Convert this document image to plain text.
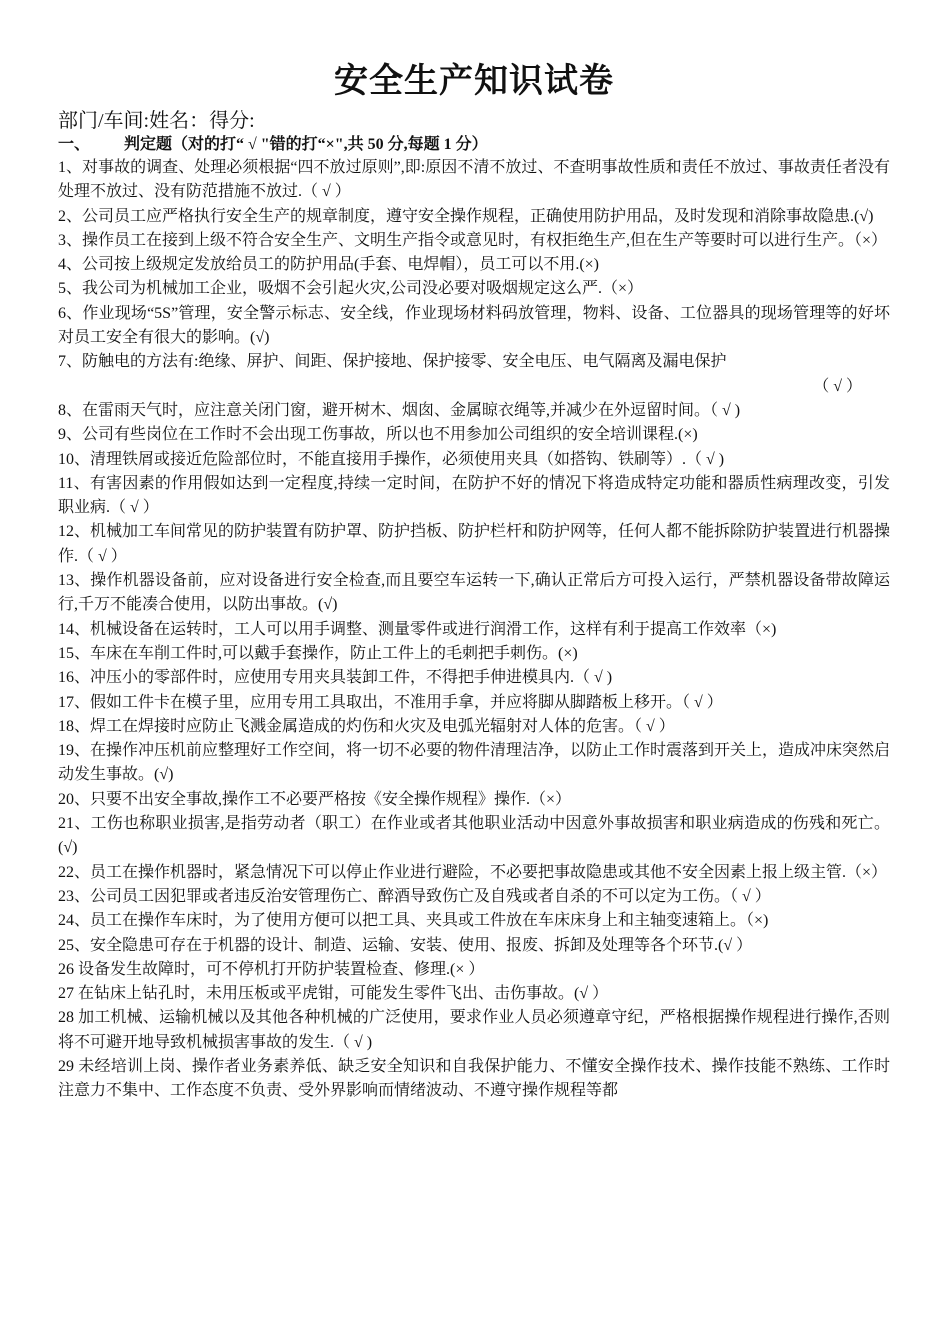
安全生产知识试卷
部门/车间:姓名：得分:
一、 判定题（对的打“ √ "错的打“×",共 50 分,每题 1 分）
1、对事故的调查、处理必须根据“四不放过原则”,即:原因不清不放过、不查明事故性质和责任不放过、事故责任者没有处理不放过、没有防范措施不放过.（ √ ）
2、公司员工应严格执行安全生产的规章制度，遵守安全操作规程，正确使用防护用品，及时发现和消除事故隐患.(√)
3、操作员工在接到上级不符合安全生产、文明生产指令或意见时，有权拒绝生产,但在生产等要时可以进行生产。（×）
4、公司按上级规定发放给员工的防护用品(手套、电焊帽），员工可以不用.(×)
5、我公司为机械加工企业，吸烟不会引起火灾,公司没必要对吸烟规定这么严.（×）
6、作业现场“5S”管理，安全警示标志、安全线，作业现场材料码放管理，物料、设备、工位器具的现场管理等的好坏对员工安全有很大的影响。(√)
7、防触电的方法有:绝缘、屏护、间距、保护接地、保护接零、安全电压、电气隔离及漏电保护
（ √ ）
8、在雷雨天气时，应注意关闭门窗，避开树木、烟囱、金属晾衣绳等,并减少在外逗留时间。（ √ )
9、公司有些岗位在工作时不会出现工伤事故，所以也不用参加公司组织的安全培训课程.(×)
10、清理铁屑或接近危险部位时，不能直接用手操作，必须使用夹具（如搭钩、铁刷等）.（ √ )
11、有害因素的作用假如达到一定程度,持续一定时间，在防护不好的情况下将造成特定功能和器质性病理改变，引发职业病.（ √ ）
12、机械加工车间常见的防护装置有防护罩、防护挡板、防护栏杆和防护网等，任何人都不能拆除防护装置进行机器操作.（ √ ）
13、操作机器设备前，应对设备进行安全检查,而且要空车运转一下,确认正常后方可投入运行，严禁机器设备带故障运行,千万不能凑合使用，以防出事故。(√)
14、机械设备在运转时，工人可以用手调整、测量零件或进行润滑工作，这样有利于提高工作效率（×)
15、车床在车削工件时,可以戴手套操作，防止工件上的毛刺把手刺伤。(×)
16、冲压小的零部件时，应使用专用夹具装卸工件，不得把手伸进模具内.（ √ )
17、假如工件卡在模子里，应用专用工具取出，不准用手拿，并应将脚从脚踏板上移开。（ √ ）
18、焊工在焊接时应防止飞溅金属造成的灼伤和火灾及电弧光辐射对人体的危害。（ √ ）
19、在操作冲压机前应整理好工作空间，将一切不必要的物件清理洁净，以防止工作时震落到开关上，造成冲床突然启动发生事故。(√)
20、只要不出安全事故,操作工不必要严格按《安全操作规程》操作.（×）
21、工伤也称职业损害,是指劳动者（职工）在作业或者其他职业活动中因意外事故损害和职业病造成的伤残和死亡。(√)
22、员工在操作机器时，紧急情况下可以停止作业进行避险，不必要把事故隐患或其他不安全因素上报上级主管.（×）
23、公司员工因犯罪或者违反治安管理伤亡、醉酒导致伤亡及自残或者自杀的不可以定为工伤。（ √ ）
24、员工在操作车床时，为了使用方便可以把工具、夹具或工件放在车床床身上和主轴变速箱上。（×)
25、安全隐患可存在于机器的设计、制造、运输、安装、使用、报废、拆卸及处理等各个环节.(√ ）
26 设备发生故障时，可不停机打开防护装置检查、修理.(× ）
27 在钻床上钻孔时，未用压板或平虎钳，可能发生零件飞出、击伤事故。(√ ）
28 加工机械、运输机械以及其他各种机械的广泛使用，要求作业人员必须遵章守纪，严格根据操作规程进行操作,否则将不可避开地导致机械损害事故的发生.（ √ )
29 未经培训上岗、操作者业务素养低、缺乏安全知识和自我保护能力、不懂安全操作技术、操作技能不熟练、工作时注意力不集中、工作态度不负责、受外界影响而情绪波动、不遵守操作规程等都
